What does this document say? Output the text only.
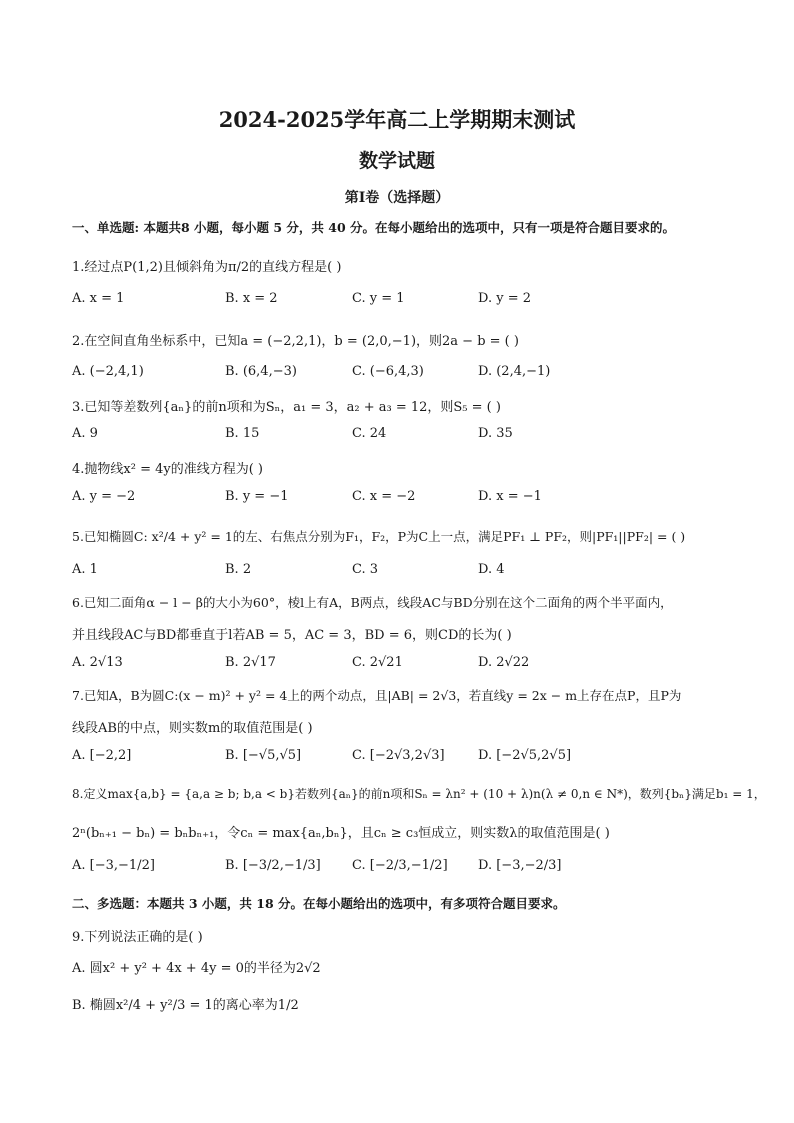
2024-2025学年高二上学期期末测试
数学试题
第I卷（选择题）
一、单选题: 本题共8 小题，每小题 5 分，共 40 分。在每小题给出的选项中，只有一项是符合题目要求的。
1.经过点P(1,2)且倾斜角为π/2的直线方程是( )
A. x = 1	B. x = 2	C. y = 1	D. y = 2
2.在空间直角坐标系中，已知a = (−2,2,1)，b = (2,0,−1)，则2a − b = ( )
A. (−2,4,1)	B. (6,4,−3)	C. (−6,4,3)	D. (2,4,−1)
3.已知等差数列{aₙ}的前n项和为Sₙ，a₁ = 3，a₂ + a₃ = 12，则S₅ = ( )
A. 9	B. 15	C. 24	D. 35
4.抛物线x² = 4y的准线方程为( )
A. y = −2	B. y = −1	C. x = −2	D. x = −1
5.已知椭圆C: x²/4 + y² = 1的左、右焦点分别为F₁，F₂，P为C上一点，满足PF₁ ⊥ PF₂，则|PF₁||PF₂| = ( )
A. 1	B. 2	C. 3	D. 4
6.已知二面角α − l − β的大小为60°，棱l上有A，B两点，线段AC与BD分别在这个二面角的两个半平面内，
并且线段AC与BD都垂直于l若AB = 5，AC = 3，BD = 6，则CD的长为( )
A. 2√13	B. 2√17	C. 2√21	D. 2√22
7.已知A，B为圆C:(x − m)² + y² = 4上的两个动点，且|AB| = 2√3，若直线y = 2x − m上存在点P，且P为
线段AB的中点，则实数m的取值范围是( )
A. [−2,2]	B. [−√5,√5]	C. [−2√3,2√3]	D. [−2√5,2√5]
8.定义max{a,b} = {a,a ≥ b; b,a < b}若数列{aₙ}的前n项和Sₙ = λn² + (10 + λ)n(λ ≠ 0,n ∈ N*)，数列{bₙ}满足b₁ = 1，
2ⁿ(bₙ₊₁ − bₙ) = bₙbₙ₊₁，令cₙ = max{aₙ,bₙ}，且cₙ ≥ c₃恒成立，则实数λ的取值范围是( )
A. [−3,−1/2]	B. [−3/2,−1/3] C. [−2/3,−1/2] D. [−3,−2/3]
二、多选题：本题共 3 小题，共 18 分。在每小题给出的选项中，有多项符合题目要求。
9.下列说法正确的是( )
A. 圆x² + y² + 4x + 4y = 0的半径为2√2
B. 椭圆x²/4 + y²/3 = 1的离心率为1/2
